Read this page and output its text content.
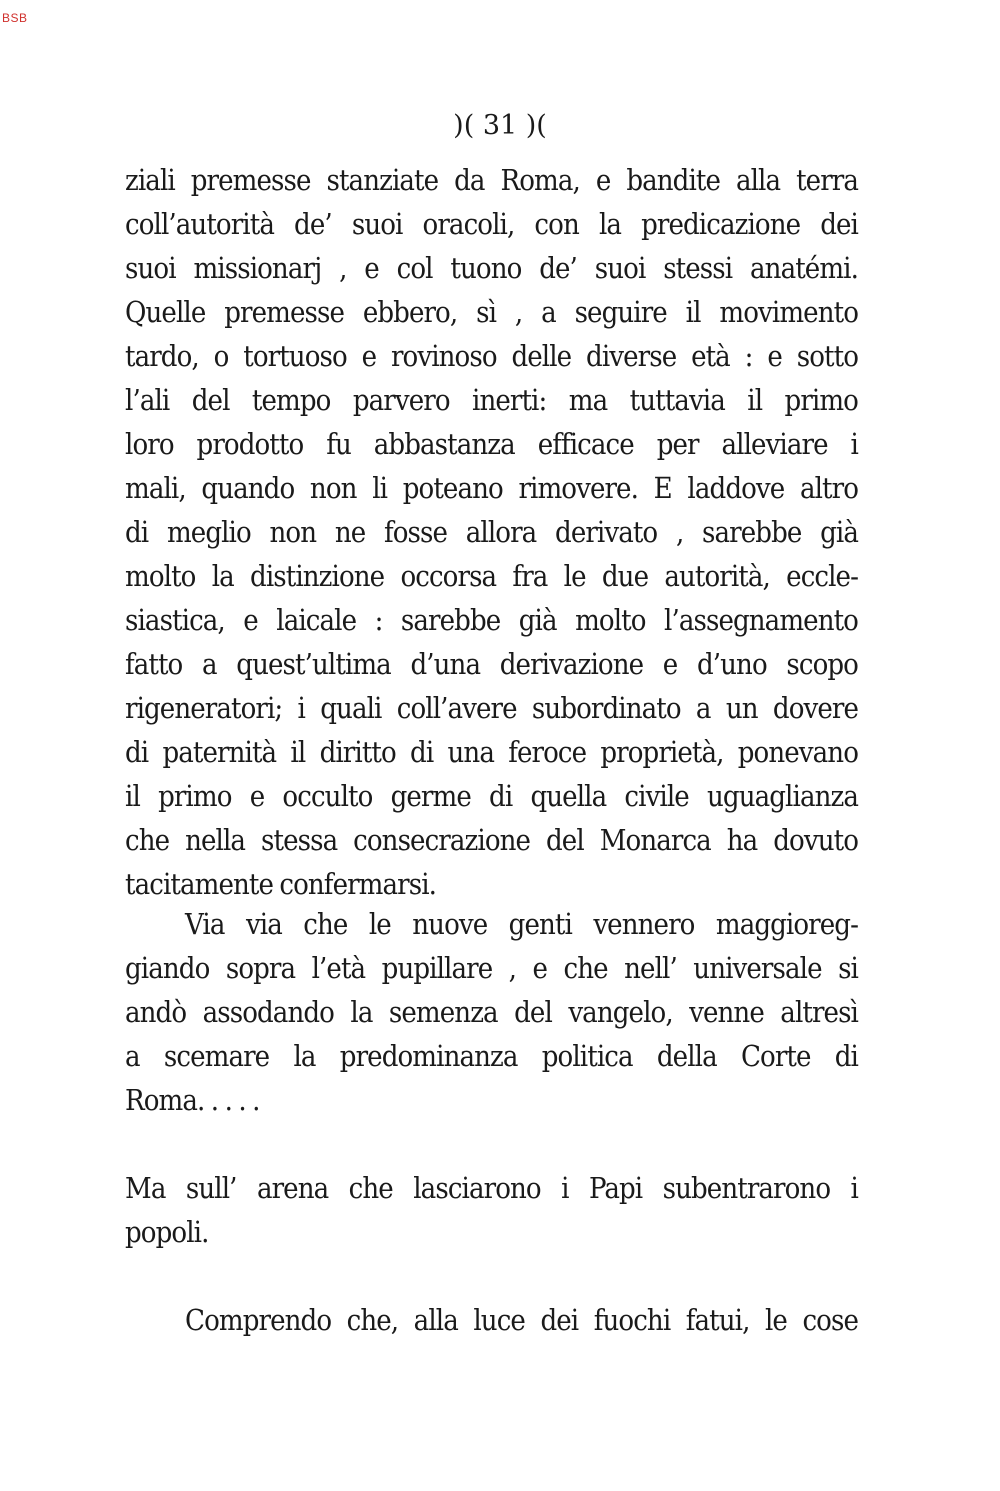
BSB
)( 31 )(
ziali premesse stanziate da Roma, e bandite alla terra
coll’autorità de’ suoi oracoli, con la predicazione dei
suoi missionarj , e col tuono de’ suoi stessi anatémi.
Quelle premesse ebbero, sì , a seguire il movimento
tardo, o tortuoso e rovinoso delle diverse età : e sotto
l’ali del tempo parvero inerti: ma tuttavia il primo
loro prodotto fu abbastanza efficace per alleviare i
mali, quando non li poteano rimovere. E laddove altro
di meglio non ne fosse allora derivato , sarebbe già
molto la distinzione occorsa fra le due autorità, eccle-
siastica, e laicale : sarebbe già molto l’assegnamento
fatto a quest’ultima d’una derivazione e d’uno scopo
rigeneratori; i quali coll’avere subordinato a un dovere
di paternità il diritto di una feroce proprietà, ponevano
il primo e occulto germe di quella civile uguaglianza
che nella stessa consecrazione del Monarca ha dovuto
tacitamente confermarsi.
Via via che le nuove genti vennero maggioreg-
giando sopra l’età pupillare , e che nell’ universale si
andò assodando la semenza del vangelo, venne altresì
a scemare la predominanza politica della Corte di
Roma. . . . .
Ma sull’ arena che lasciarono i Papi subentrarono i
popoli.
Comprendo che, alla luce dei fuochi fatui, le cose
